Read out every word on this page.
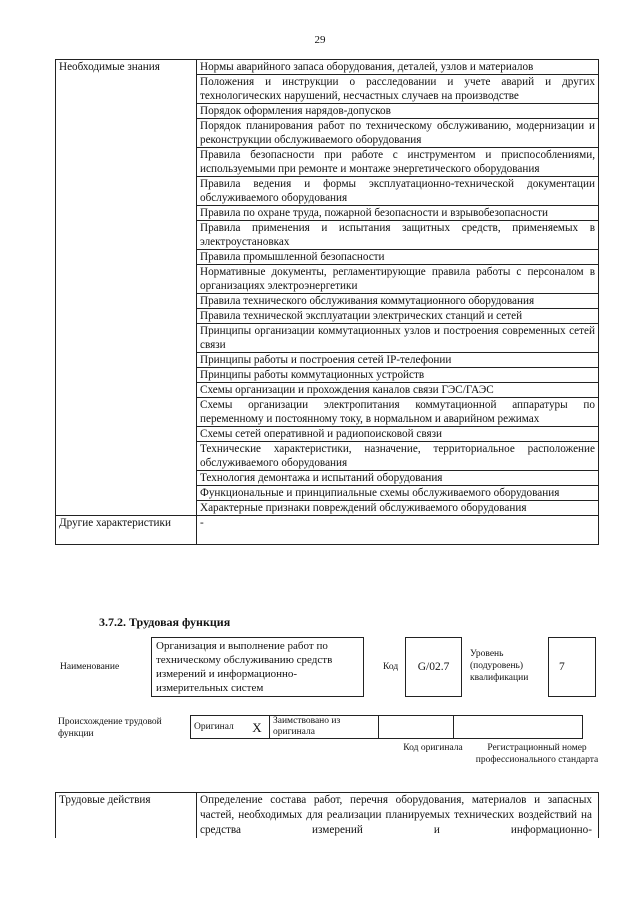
29
Необходимые знания	Нормы аварийного запаса оборудования, деталей, узлов и материалов
	Положения и инструкции о расследовании и учете аварий и других технологических нарушений, несчастных случаев на производстве
	Порядок оформления нарядов-допусков
	Порядок планирования работ по техническому обслуживанию, модернизации и реконструкции обслуживаемого оборудования
	Правила безопасности при работе с инструментом и приспособлениями, используемыми при ремонте и монтаже энергетического оборудования
	Правила ведения и формы эксплуатационно-технической документации обслуживаемого оборудования
	Правила по охране труда, пожарной безопасности и взрывобезопасности
	Правила применения и испытания защитных средств, применяемых в электроустановках
	Правила промышленной безопасности
	Нормативные документы, регламентирующие правила работы с персоналом в организациях электроэнергетики
	Правила технического обслуживания коммутационного оборудования
	Правила технической эксплуатации электрических станций и сетей
	Принципы организации коммутационных узлов и построения современных сетей связи
	Принципы работы и построения сетей IP-телефонии
	Принципы работы коммутационных устройств
	Схемы организации и прохождения каналов связи ГЭС/ГАЭС
	Схемы организации электропитания коммутационной аппаратуры по переменному и постоянному току, в нормальном и аварийном режимах
	Схемы сетей оперативной и радиопоисковой связи
	Технические характеристики, назначение, территориальное расположение обслуживаемого оборудования
	Технология демонтажа и испытаний оборудования
	Функциональные и принципиальные схемы обслуживаемого оборудования
	Характерные признаки повреждений обслуживаемого оборудования
Другие характеристики	-
3.7.2. Трудовая функция
Наименование
Организация и выполнение работ по техническому обслуживанию средств измерений и информационно-измерительных систем
Код	G/02.7
Уровень (подуровень) квалификации
7
Происхождение трудовой функции
Оригинал	X	Заимствовано из оригинала		
Код оригинала	Регистрационный номер профессионального стандарта
Трудовые действия	Определение состава работ, перечня оборудования, материалов и запасных частей, необходимых для реализации планируемых технических воздействий на средства измерений и информационно-
